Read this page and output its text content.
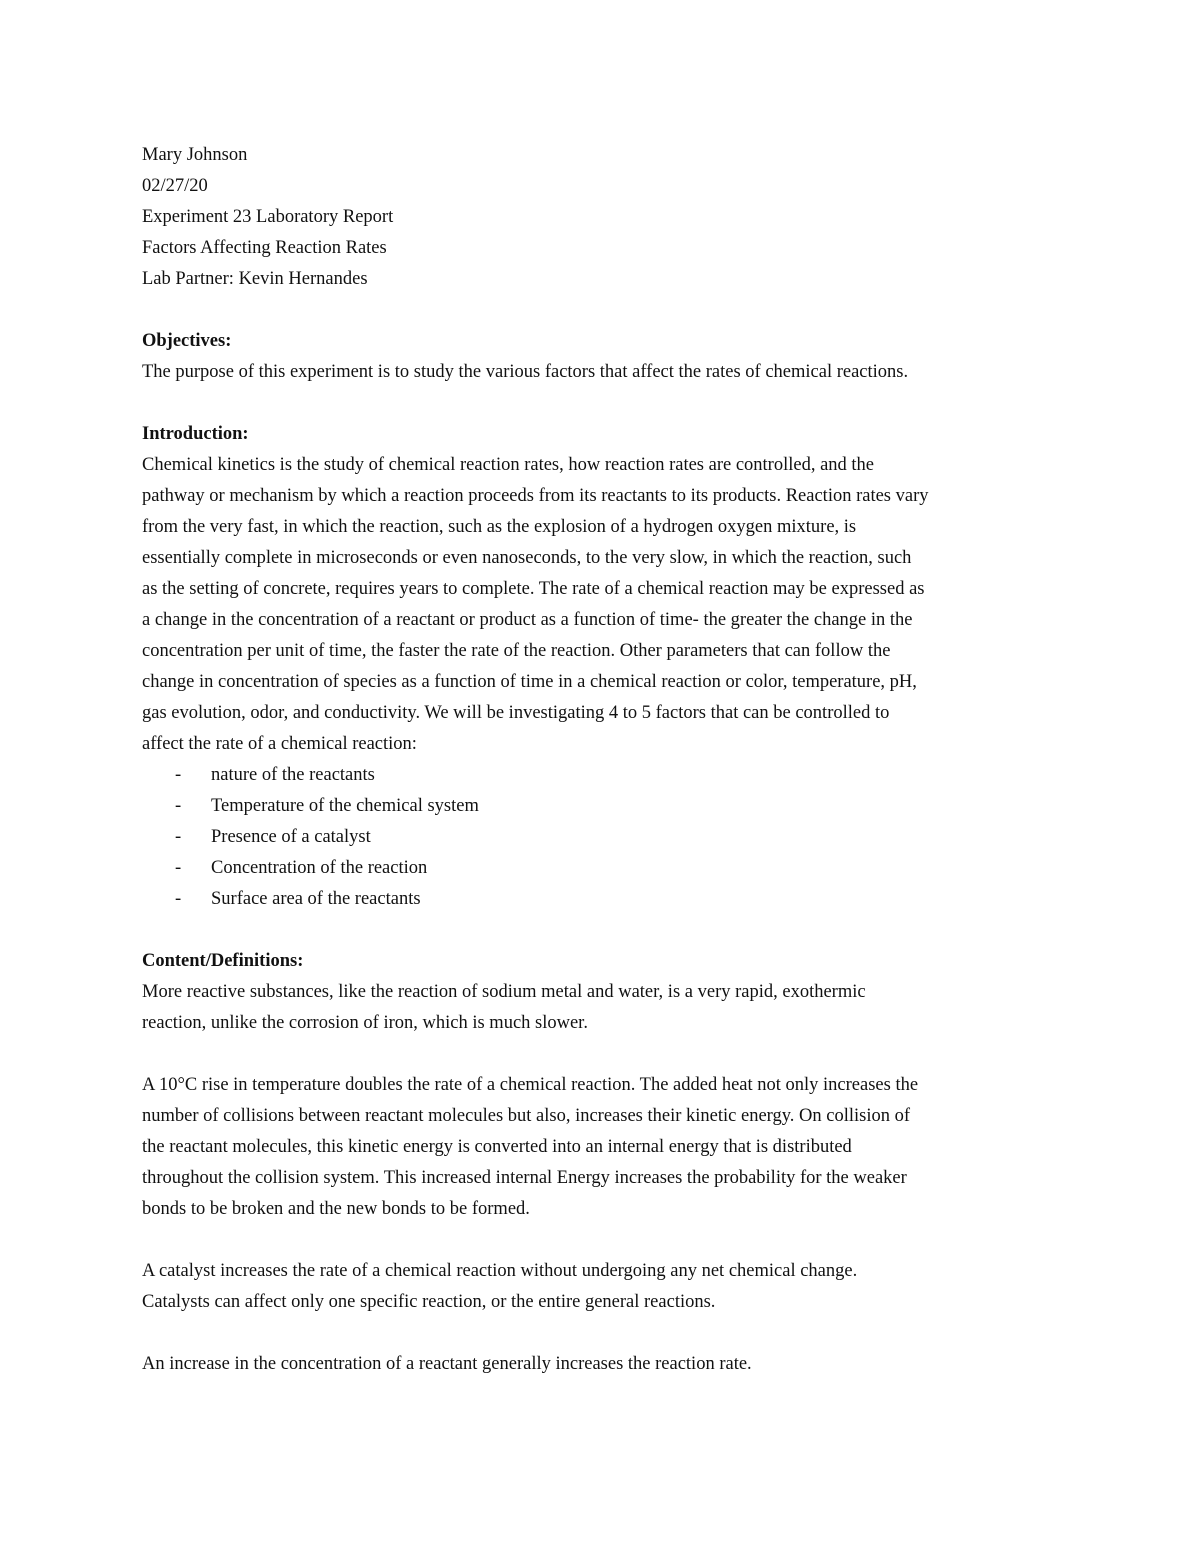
Mary Johnson
02/27/20
Experiment 23 Laboratory Report
Factors Affecting Reaction Rates
Lab Partner: Kevin Hernandes
Objectives:
The purpose of this experiment is to study the various factors that affect the rates of chemical reactions.
Introduction:
Chemical kinetics is the study of chemical reaction rates, how reaction rates are controlled, and the
pathway or mechanism by which a reaction proceeds from its reactants to its products. Reaction rates vary
from the very fast, in which the reaction, such as the explosion of a hydrogen oxygen mixture, is
essentially complete in microseconds or even nanoseconds, to the very slow, in which the reaction, such
as the setting of concrete, requires years to complete. The rate of a chemical reaction may be expressed as
a change in the concentration of a reactant or product as a function of time- the greater the change in the
concentration per unit of time, the faster the rate of the reaction. Other parameters that can follow the
change in concentration of species as a function of time in a chemical reaction or color, temperature, pH,
gas evolution, odor, and conductivity. We will be investigating 4 to 5 factors that can be controlled to
affect the rate of a chemical reaction:
- nature of the reactants
- Temperature of the chemical system
- Presence of a catalyst
- Concentration of the reaction
- Surface area of the reactants
Content/Definitions:
More reactive substances, like the reaction of sodium metal and water, is a very rapid, exothermic
reaction, unlike the corrosion of iron, which is much slower.
A 10°C rise in temperature doubles the rate of a chemical reaction. The added heat not only increases the
number of collisions between reactant molecules but also, increases their kinetic energy. On collision of
the reactant molecules, this kinetic energy is converted into an internal energy that is distributed
throughout the collision system. This increased internal Energy increases the probability for the weaker
bonds to be broken and the new bonds to be formed.
A catalyst increases the rate of a chemical reaction without undergoing any net chemical change.
Catalysts can affect only one specific reaction, or the entire general reactions.
An increase in the concentration of a reactant generally increases the reaction rate.
